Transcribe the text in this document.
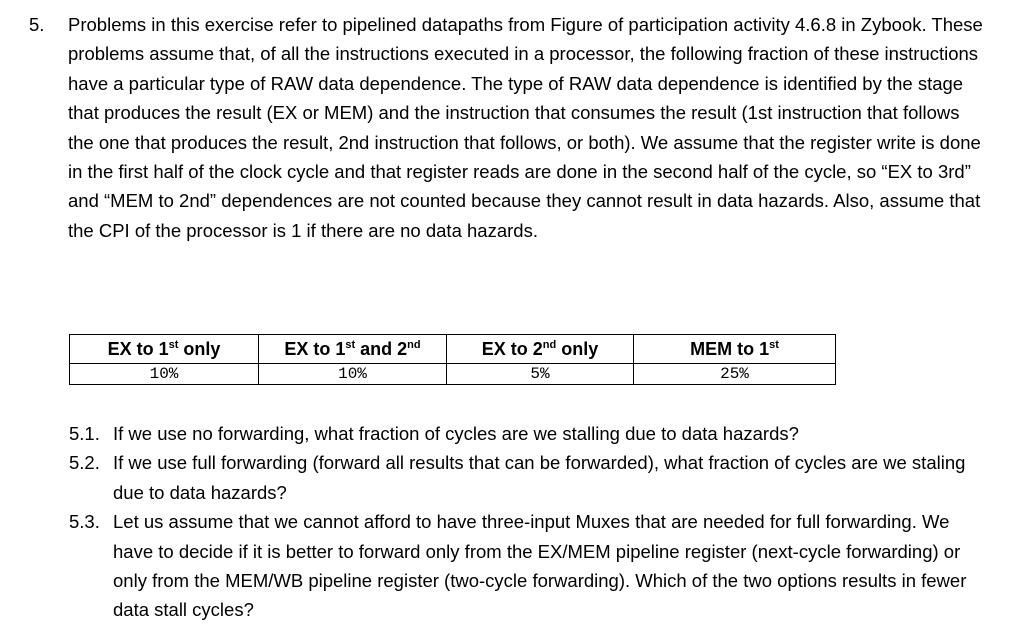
5.	Problems in this exercise refer to pipelined datapaths from Figure of participation activity 4.6.8 in Zybook. These problems assume that, of all the instructions executed in a processor, the following fraction of these instructions have a particular type of RAW data dependence. The type of RAW data dependence is identified by the stage that produces the result (EX or MEM) and the instruction that consumes the result (1st instruction that follows the one that produces the result, 2nd instruction that follows, or both). We assume that the register write is done in the first half of the clock cycle and that register reads are done in the second half of the cycle, so “EX to 3rd” and “MEM to 2nd” dependences are not counted because they cannot result in data hazards. Also, assume that the CPI of the processor is 1 if there are no data hazards.
EX to 1st only	EX to 1st and 2nd	EX to 2nd only	MEM to 1st
10%	10%	5%	25%
5.1. If we use no forwarding, what fraction of cycles are we stalling due to data hazards?
5.2. If we use full forwarding (forward all results that can be forwarded), what fraction of cycles are we staling due to data hazards?
5.3. Let us assume that we cannot afford to have three-input Muxes that are needed for full forwarding. We have to decide if it is better to forward only from the EX/MEM pipeline register (next-cycle forwarding) or only from the MEM/WB pipeline register (two-cycle forwarding). Which of the two options results in fewer data stall cycles?
